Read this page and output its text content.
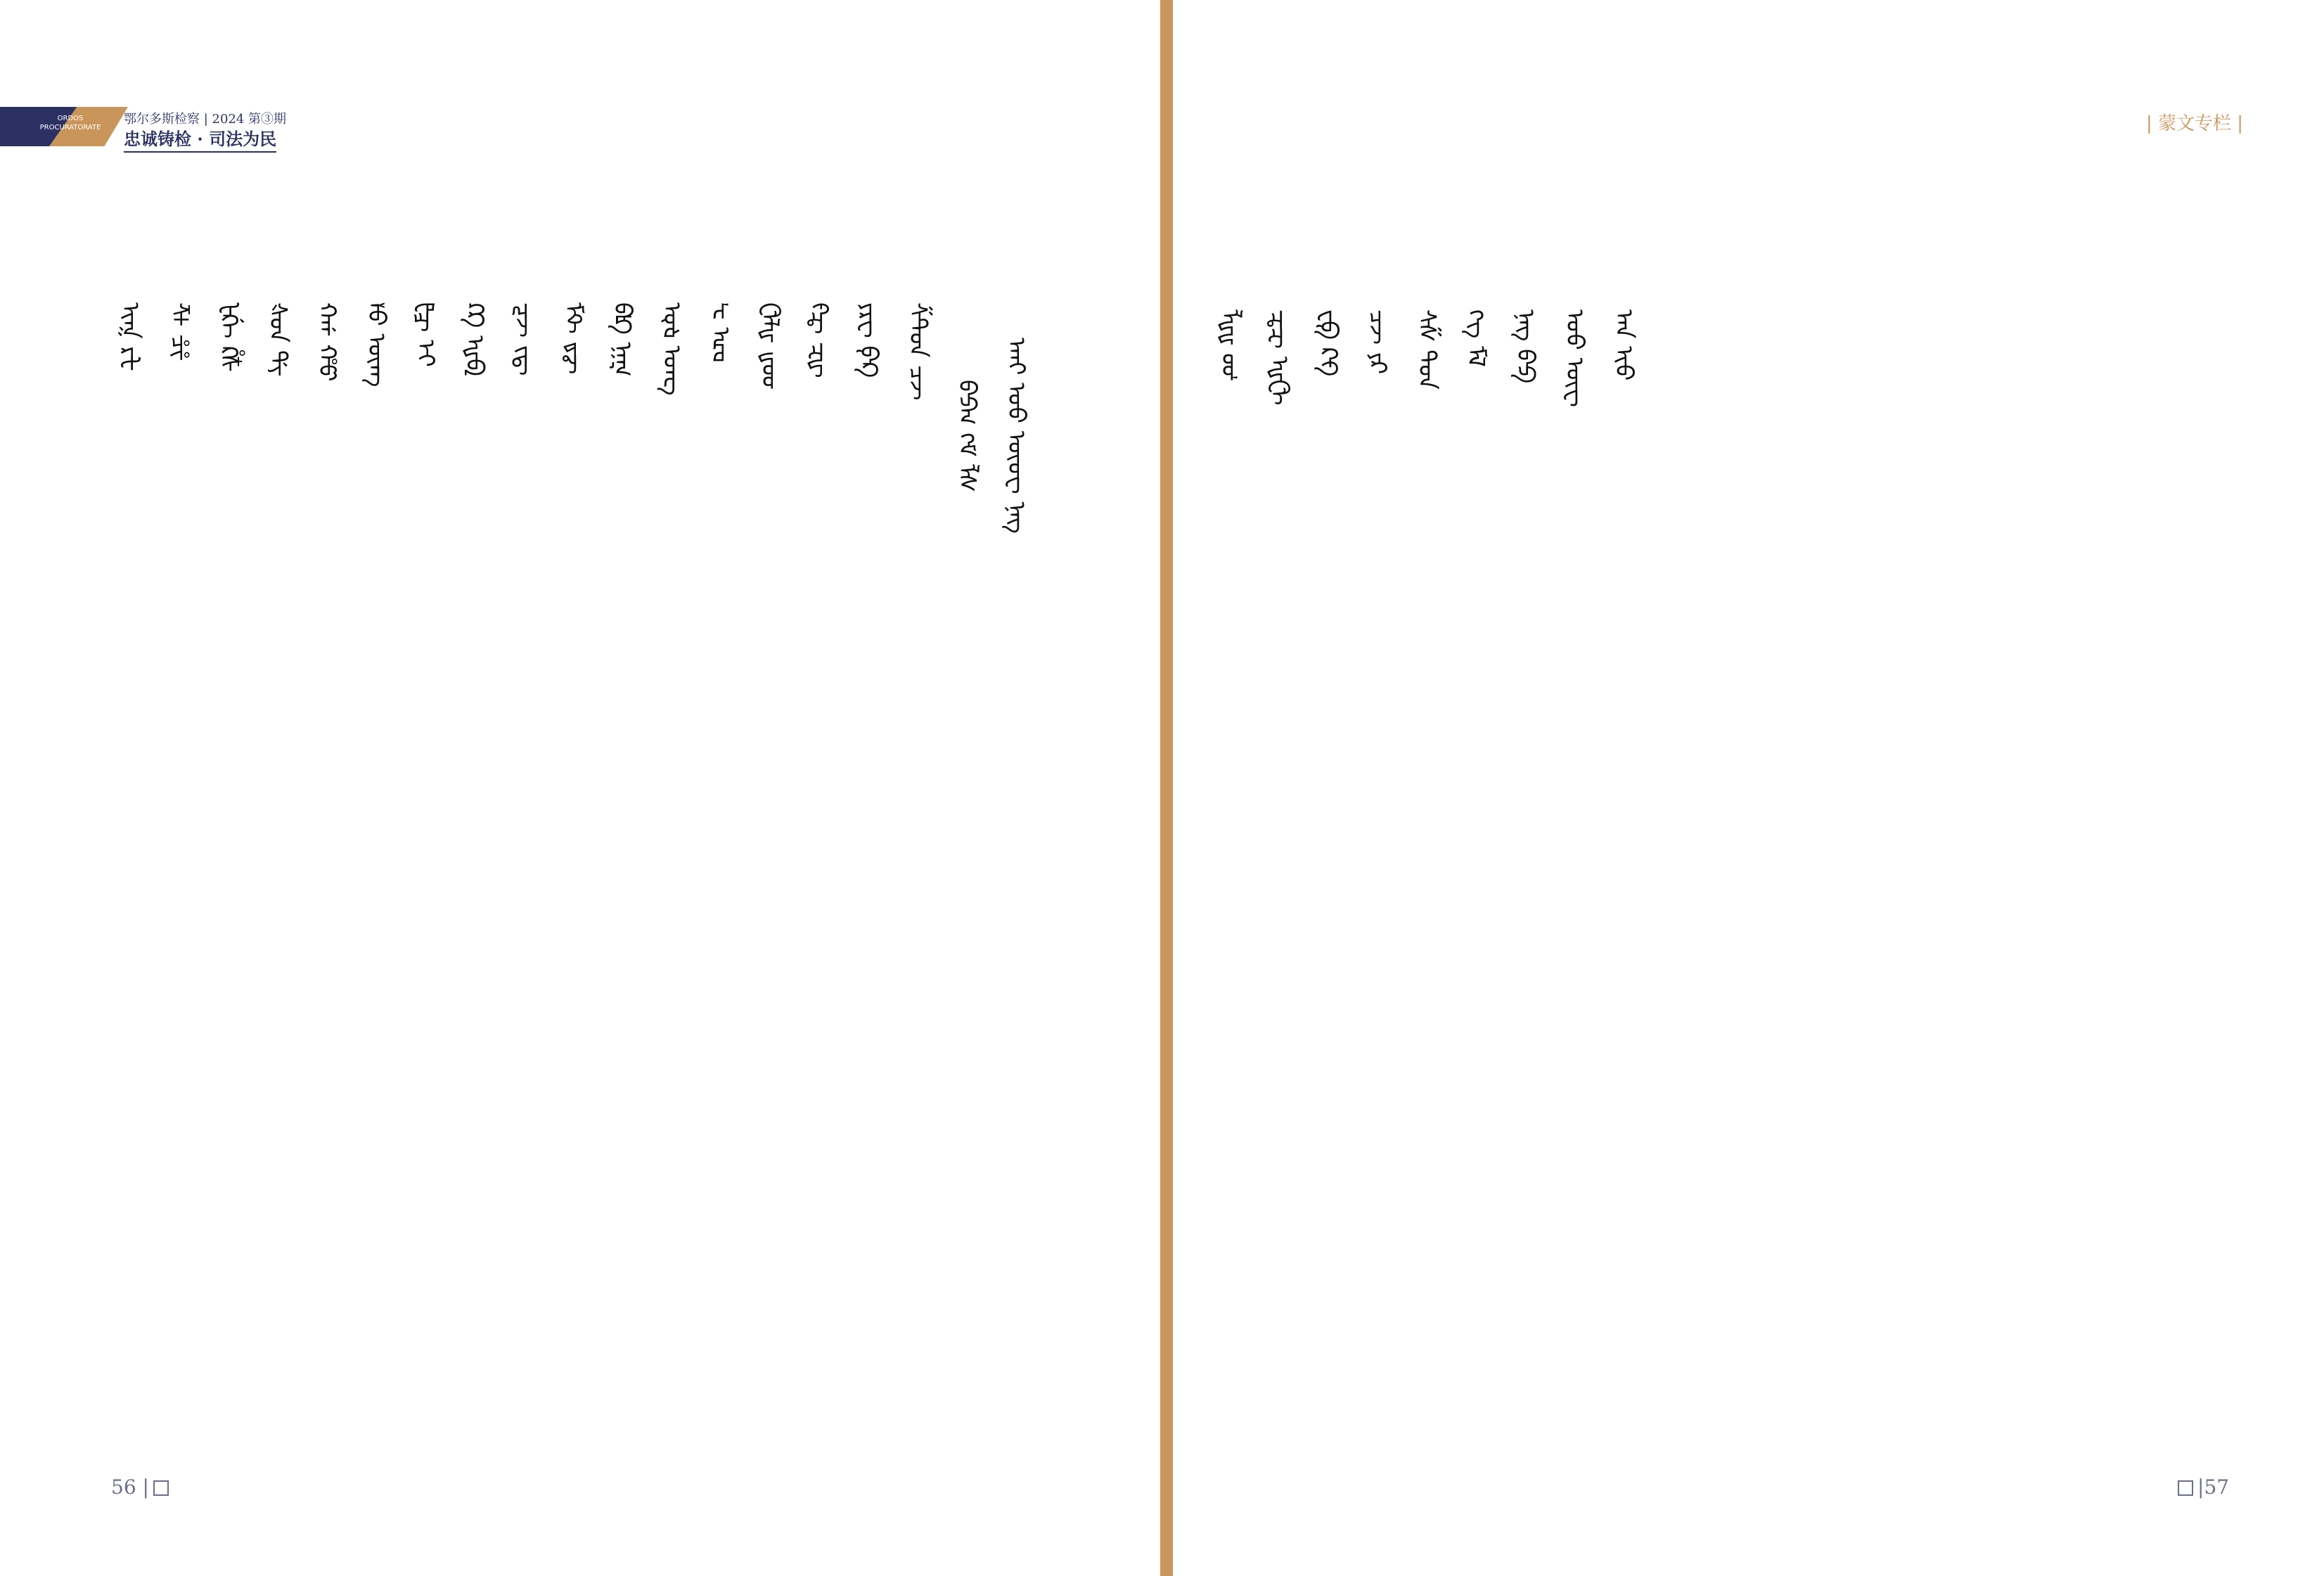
ORDOS
PROCURATORATE
鄂尔多斯检察 | 2024 第③期
忠诚铸检 · 司法为民
ᠠᠡᠢ ᠣᠤ ᠥᠦᠧ ᠨᠩ
ᠪᠫᠬ ᠭᠮ ᠯᠰ
ᠱᠲᠳ ᠴᠵ
ᠶᠷᠸ ᠹᠺ
ᠻᠼ ᠽᠾ
ᠿᡀ ᡁᡂ
ᡃᡄ ᡅᡆ
ᡇᡈ ᡉᡊ
ᡋᡌ ᡍᡎ
ᡏᡐ ᡑᡒ
ᡓᡔ ᡕᡖ
ᡗᡘ ᡙᡚ
ᡛᡜ ᡝᡞ
ᡟᡠ ᡡᡢ
ᡣᡤ ᡥᡦ
ᡧᡨ ᡩᡪ
ᡫᡬ ᡭᡮ
ᡯᡰ ᡱᡲ
ᡳᡴ ᡵᡶ
56 |
| 蒙文专栏 |
ᠠᠡ ᠢᠣ
ᠤᠥ ᠦᠧ
ᠨᠩ ᠪᠫ
ᠬᠭ ᠮᠯ
ᠰᠱ ᠲᠳ
ᠴᠵ ᠶᠷ
ᠸᠹ ᠺᠻ
ᠼᠽ ᠾᠿ
ᡀᡁ ᡂᡃ
|57
